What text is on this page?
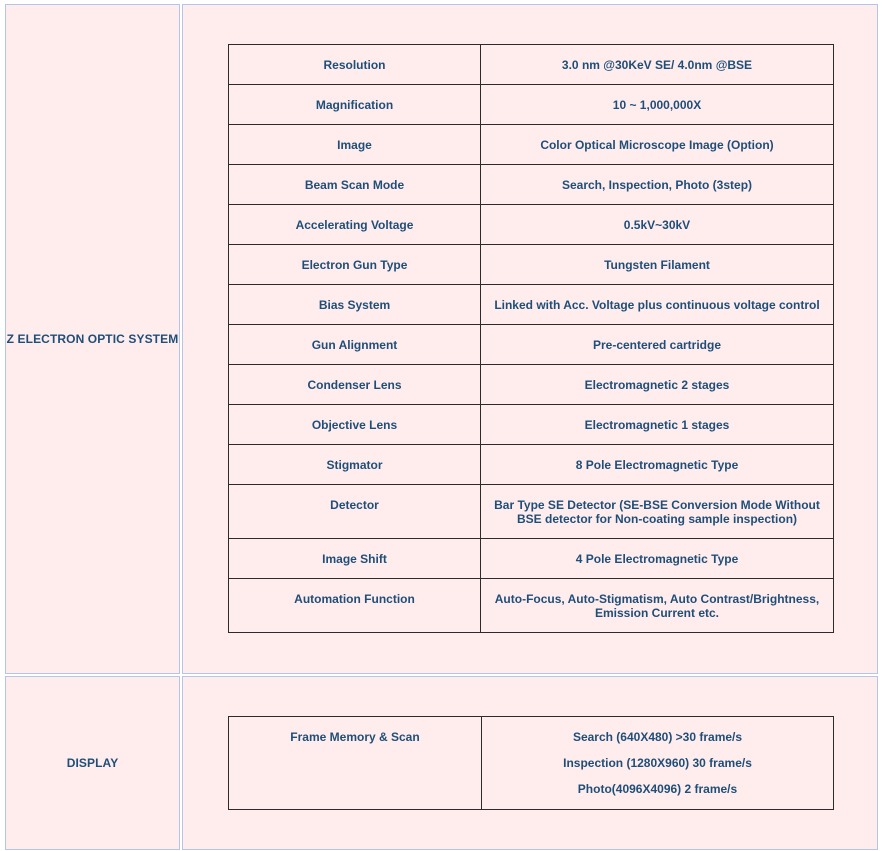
Z ELECTRON OPTIC SYSTEM
Resolution	3.0 nm @30KeV SE/ 4.0nm @BSE
Magnification	10 ~ 1,000,000X
Image	Color Optical Microscope Image (Option)
Beam Scan Mode	Search, Inspection, Photo (3step)
Accelerating Voltage	0.5kV~30kV
Electron Gun Type	Tungsten Filament
Bias System	Linked with Acc. Voltage plus continuous voltage control
Gun Alignment	Pre-centered cartridge
Condenser Lens	Electromagnetic 2 stages
Objective Lens	Electromagnetic 1 stages
Stigmator	8 Pole Electromagnetic Type
Detector	Bar Type SE Detector (SE-BSE Conversion Mode Without BSE detector for Non-coating sample inspection)
Image Shift	4 Pole Electromagnetic Type
Automation Function	Auto-Focus, Auto-Stigmatism, Auto Contrast/Brightness, Emission Current etc.
DISPLAY
Frame Memory & Scan	Search (640X480) >30 frame/s
Inspection (1280X960) 30 frame/s
Photo(4096X4096) 2 frame/s
